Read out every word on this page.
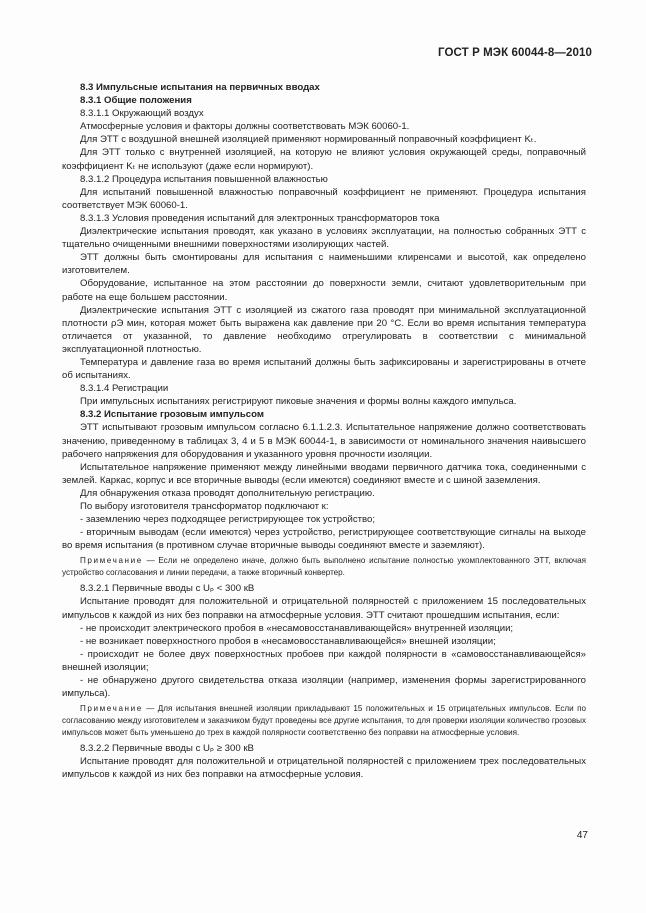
ГОСТ Р МЭК 60044-8—2010

8.3 Импульсные испытания на первичных вводах

8.3.1 Общие положения

8.3.1.1 Окружающий воздух

Атмосферные условия и факторы должны соответствовать МЭК 60060-1.

Для ЭТТ с воздушной внешней изоляцией применяют нормированный поправочный коэффициент Kₜ.

Для ЭТТ только с внутренней изоляцией, на которую не влияют условия окружающей среды, поправочный коэффициент Kₜ не используют (даже если нормируют).

8.3.1.2 Процедура испытания повышенной влажностью

Для испытаний повышенной влажностью поправочный коэффициент не применяют. Процедура испытания соответствует МЭК 60060-1.

8.3.1.3 Условия проведения испытаний для электронных трансформаторов тока

Диэлектрические испытания проводят, как указано в условиях эксплуатации, на полностью собранных ЭТТ с тщательно очищенными внешними поверхностями изолирующих частей.

ЭТТ должны быть смонтированы для испытания с наименьшими клиренсами и высотой, как определено изготовителем.

Оборудование, испытанное на этом расстоянии до поверхности земли, считают удовлетворительным при работе на еще большем расстоянии.

Диэлектрические испытания ЭТТ с изоляцией из сжатого газа проводят при минимальной эксплуатационной плотности ρЭ мин, которая может быть выражена как давление при 20 °С. Если во время испытания температура отличается от указанной, то давление необходимо отрегулировать в соответствии с минимальной эксплуатационной плотностью.

Температура и давление газа во время испытаний должны быть зафиксированы и зарегистрированы в отчете об испытаниях.

8.3.1.4 Регистрации

При импульсных испытаниях регистрируют пиковые значения и формы волны каждого импульса.

8.3.2 Испытание грозовым импульсом

ЭТТ испытывают грозовым импульсом согласно 6.1.1.2.3. Испытательное напряжение должно соответствовать значению, приведенному в таблицах 3, 4 и 5 в МЭК 60044-1, в зависимости от номинального значения наивысшего рабочего напряжения для оборудования и указанного уровня прочности изоляции.

Испытательное напряжение применяют между линейными вводами первичного датчика тока, соединенными с землей. Каркас, корпус и все вторичные выводы (если имеются) соединяют вместе и с шиной заземления.

Для обнаружения отказа проводят дополнительную регистрацию.

По выбору изготовителя трансформатор подключают к:

- заземлению через подходящее регистрирующее ток устройство;

- вторичным выводам (если имеются) через устройство, регистрирующее соответствующие сигналы на выходе во время испытания (в противном случае вторичные выводы соединяют вместе и заземляют).

Примечание — Если не определено иначе, должно быть выполнено испытание полностью укомплектованного ЭТТ, включая устройство согласования и линии передачи, а также вторичный конвертер.

8.3.2.1 Первичные вводы с Uₚ < 300 кВ

Испытание проводят для положительной и отрицательной полярностей с приложением 15 последовательных импульсов к каждой из них без поправки на атмосферные условия. ЭТТ считают прошедшим испытания, если:

- не происходит электрического пробоя в «несамовосстанавливающейся» внутренней изоляции;

- не возникает поверхностного пробоя в «несамовосстанавливающейся» внешней изоляции;

- происходит не более двух поверхностных пробоев при каждой полярности в «самовосстанавливающейся» внешней изоляции;

- не обнаружено другого свидетельства отказа изоляции (например, изменения формы зарегистрированного импульса).

Примечание — Для испытания внешней изоляции прикладывают 15 положительных и 15 отрицательных импульсов. Если по согласованию между изготовителем и заказчиком будут проведены все другие испытания, то для проверки изоляции количество грозовых импульсов может быть уменьшено до трех в каждой полярности соответственно без поправки на атмосферные условия.

8.3.2.2 Первичные вводы с Uₚ ≥ 300 кВ

Испытание проводят для положительной и отрицательной полярностей с приложением трех последовательных импульсов к каждой из них без поправки на атмосферные условия.

47
